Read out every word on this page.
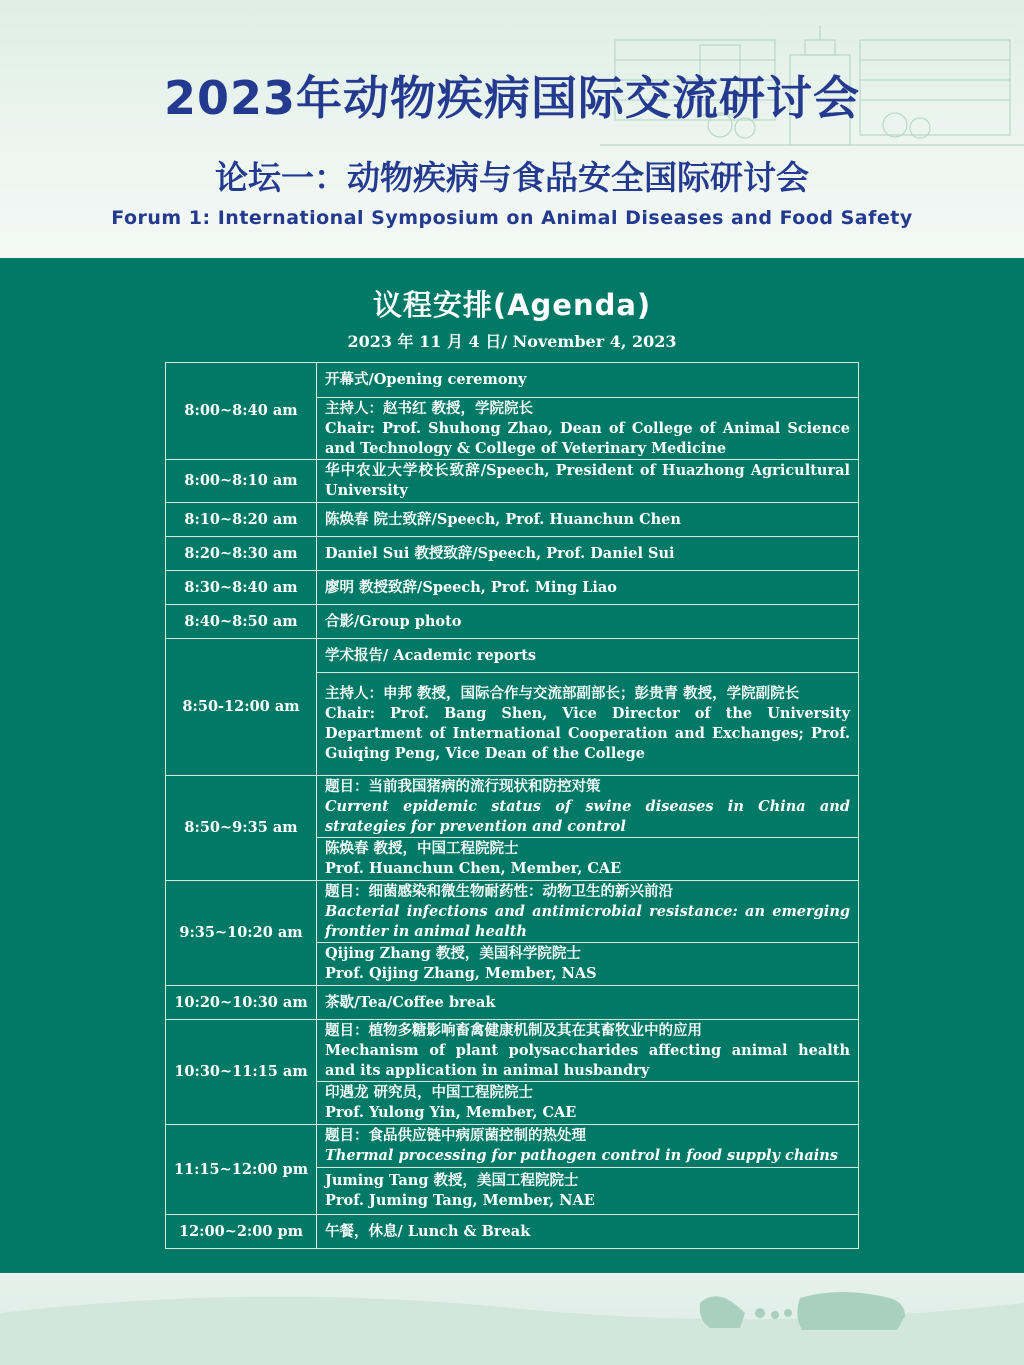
2023年动物疾病国际交流研讨会
论坛一：动物疾病与食品安全国际研讨会
Forum 1: International Symposium on Animal Diseases and Food Safety
议程安排(Agenda)
2023 年 11 月 4 日/ November 4, 2023
8:00~8:40 am	开幕式/Opening ceremony

	主持人：赵书红 教授，学院院长
Chair: Prof. Shuhong Zhao, Dean of College of Animal Science and Technology & College of Veterinary Medicine

8:00~8:10 am	华中农业大学校长致辞/Speech, President of Huazhong Agricultural University

8:10~8:20 am	陈焕春 院士致辞/Speech, Prof. Huanchun Chen

8:20~8:30 am	Daniel Sui 教授致辞/Speech, Prof. Daniel Sui

8:30~8:40 am	廖明 教授致辞/Speech, Prof. Ming Liao

8:40~8:50 am	合影/Group photo

8:50-12:00 am	学术报告/ Academic reports

	主持人：申邦 教授，国际合作与交流部副部长；彭贵青 教授，学院副院长
Chair: Prof. Bang Shen, Vice Director of the University Department of International Cooperation and Exchanges; Prof. Guiqing Peng, Vice Dean of the College

8:50~9:35 am	题目：当前我国猪病的流行现状和防控对策
Current epidemic status of swine diseases in China and strategies for prevention and control

	陈焕春 教授，中国工程院院士
Prof. Huanchun Chen, Member, CAE

9:35~10:20 am	题目：细菌感染和微生物耐药性：动物卫生的新兴前沿
Bacterial infections and antimicrobial resistance: an emerging frontier in animal health

	Qijing Zhang 教授，美国科学院院士
Prof. Qijing Zhang, Member, NAS

10:20~10:30 am	茶歇/Tea/Coffee break

10:30~11:15 am	题目：植物多糖影响畜禽健康机制及其在其畜牧业中的应用
Mechanism of plant polysaccharides affecting animal health and its application in animal husbandry

	印遇龙 研究员，中国工程院院士
Prof. Yulong Yin, Member, CAE

11:15~12:00 pm	题目：食品供应链中病原菌控制的热处理
Thermal processing for pathogen control in food supply chains

	Juming Tang 教授，美国工程院院士
Prof. Juming Tang, Member, NAE

12:00~2:00 pm	午餐，休息/ Lunch & Break
